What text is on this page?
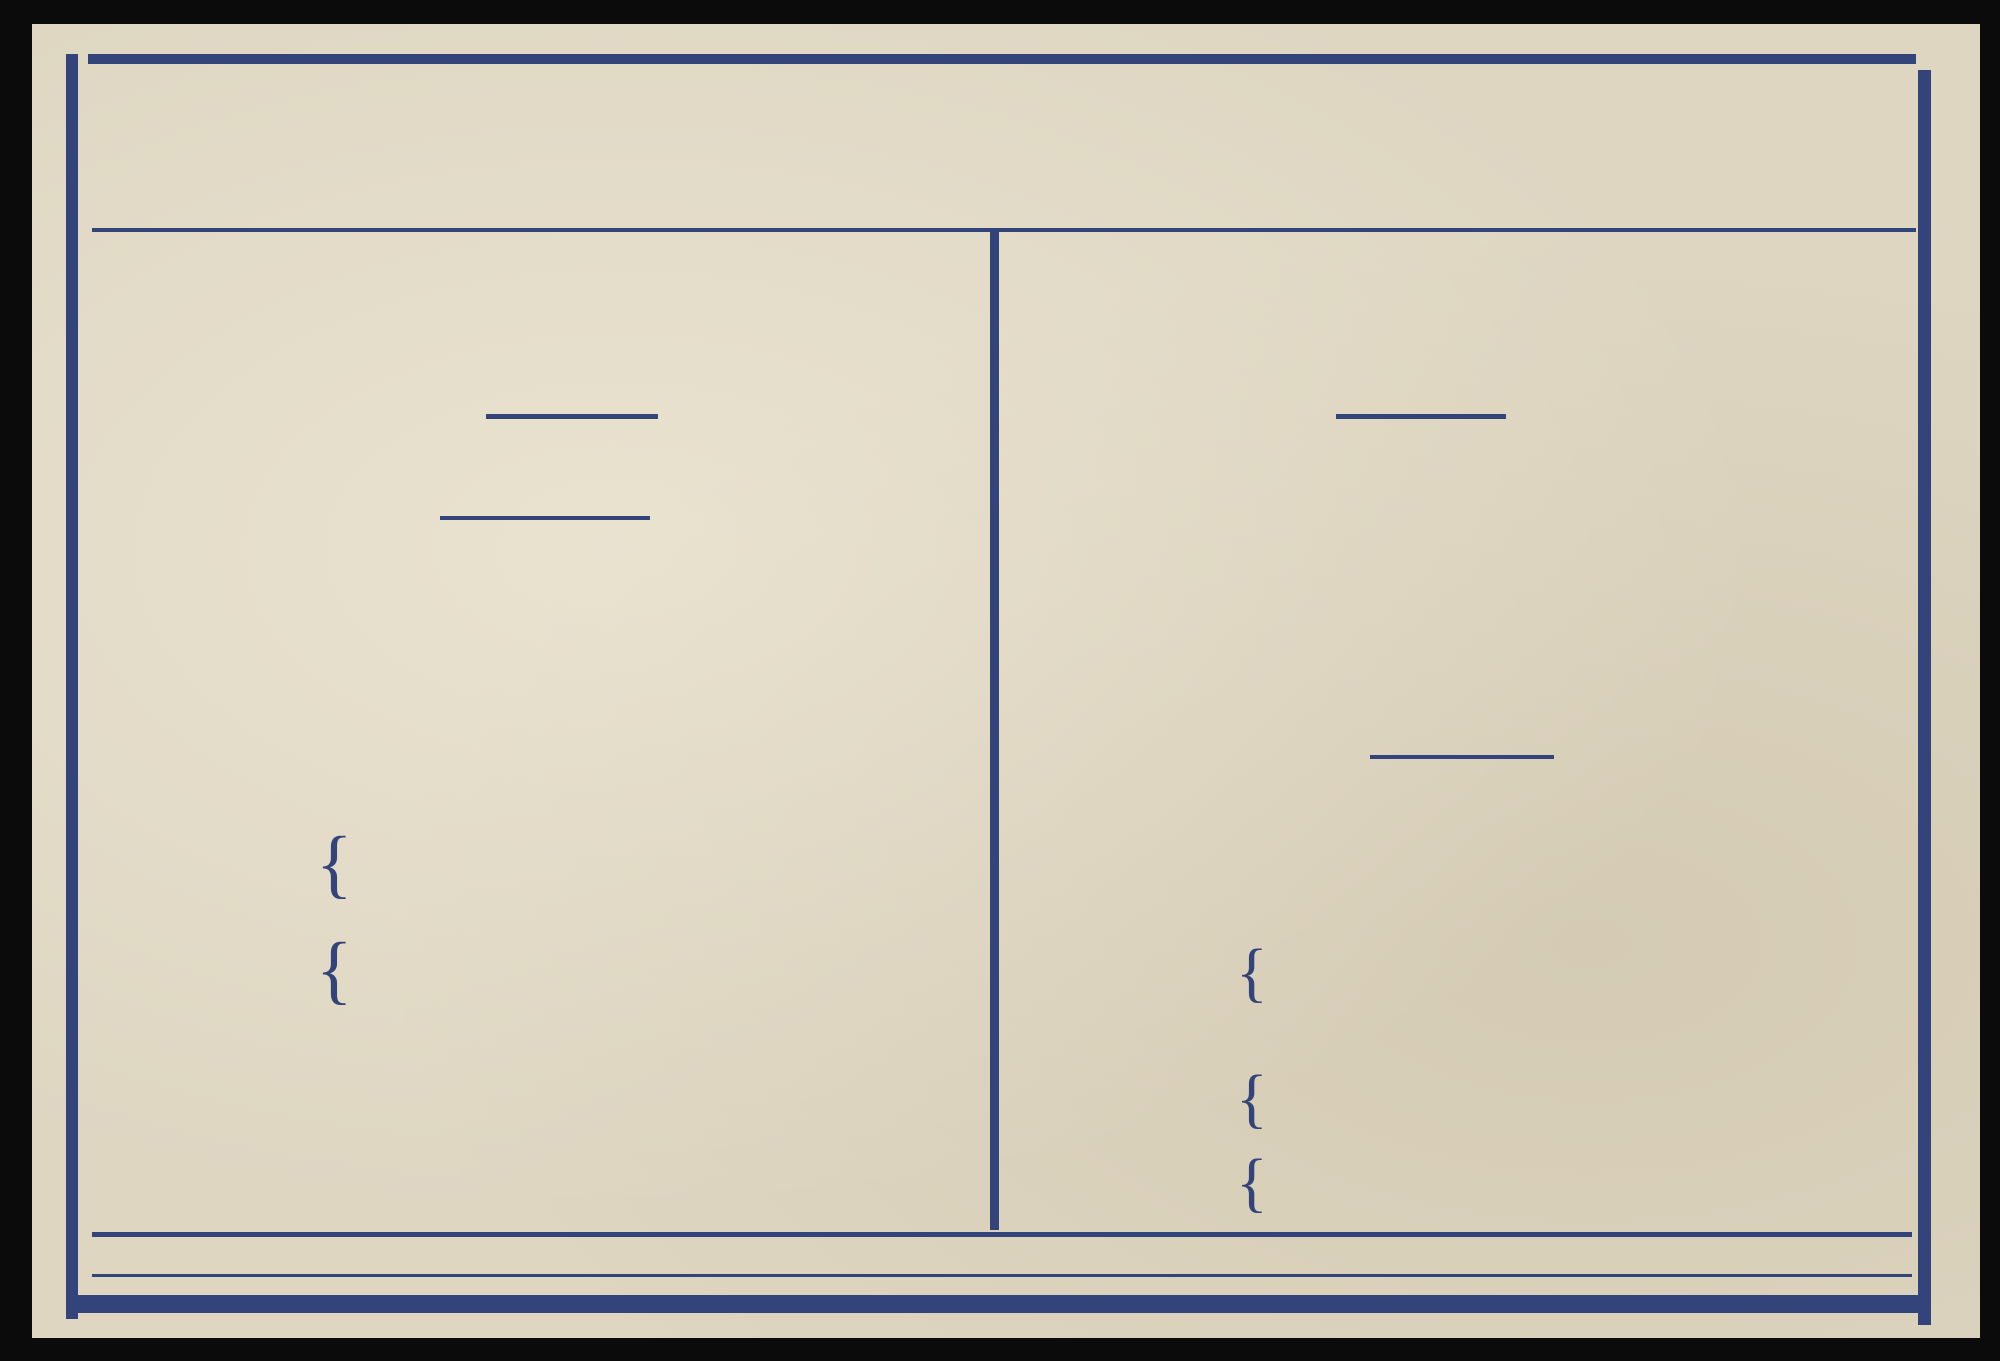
{
{	{
{
{
